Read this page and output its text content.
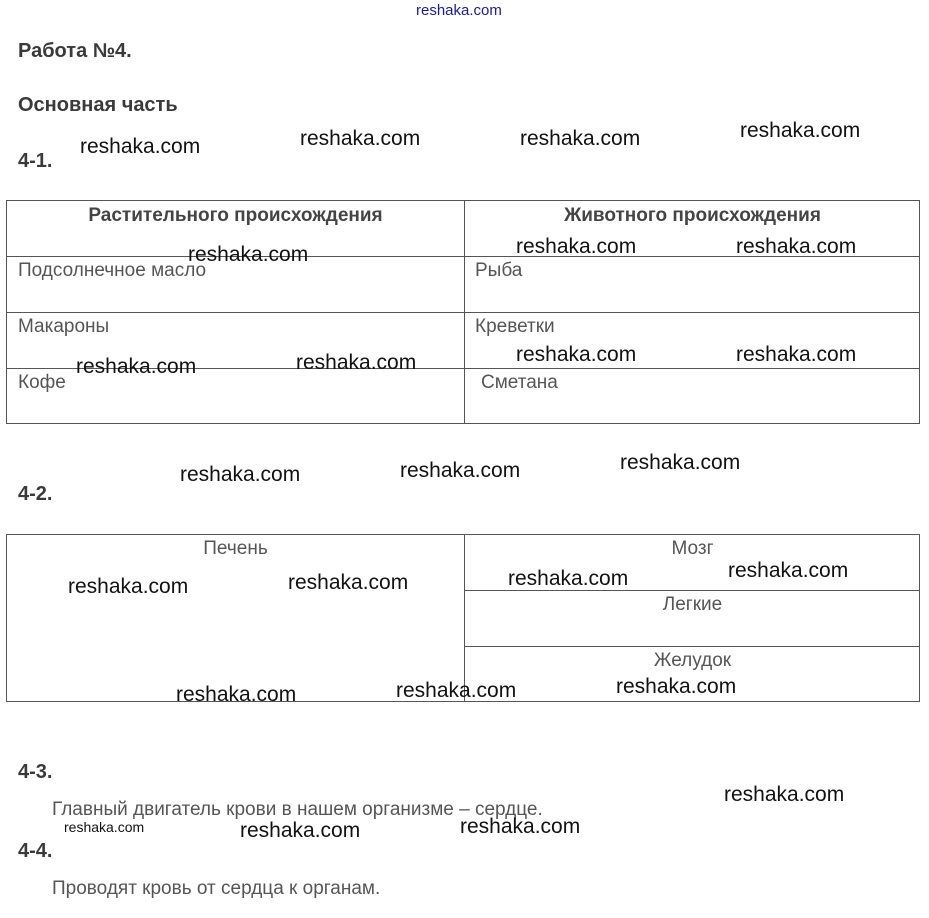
reshaka.com
Работа №4.
Основная часть
4-1.
Растительного происхождения	Животного происхождения
Подсолнечное масло	Рыба
Макароны	Креветки
Кофе	Сметана
4-2.
Печень	Мозг
Легкие
Желудок
4-3.
Главный двигатель крови в нашем организме – сердце.
4-4.
Проводят кровь от сердца к органам.
reshaka.com	reshaka.com	reshaka.com	reshaka.com
reshaka.com	reshaka.com	reshaka.com
reshaka.com	reshaka.com	reshaka.com	reshaka.com
reshaka.com	reshaka.com	reshaka.com
reshaka.com	reshaka.com	reshaka.com	reshaka.com
reshaka.com	reshaka.com	reshaka.com
reshaka.com
reshaka.com	reshaka.com	reshaka.com
